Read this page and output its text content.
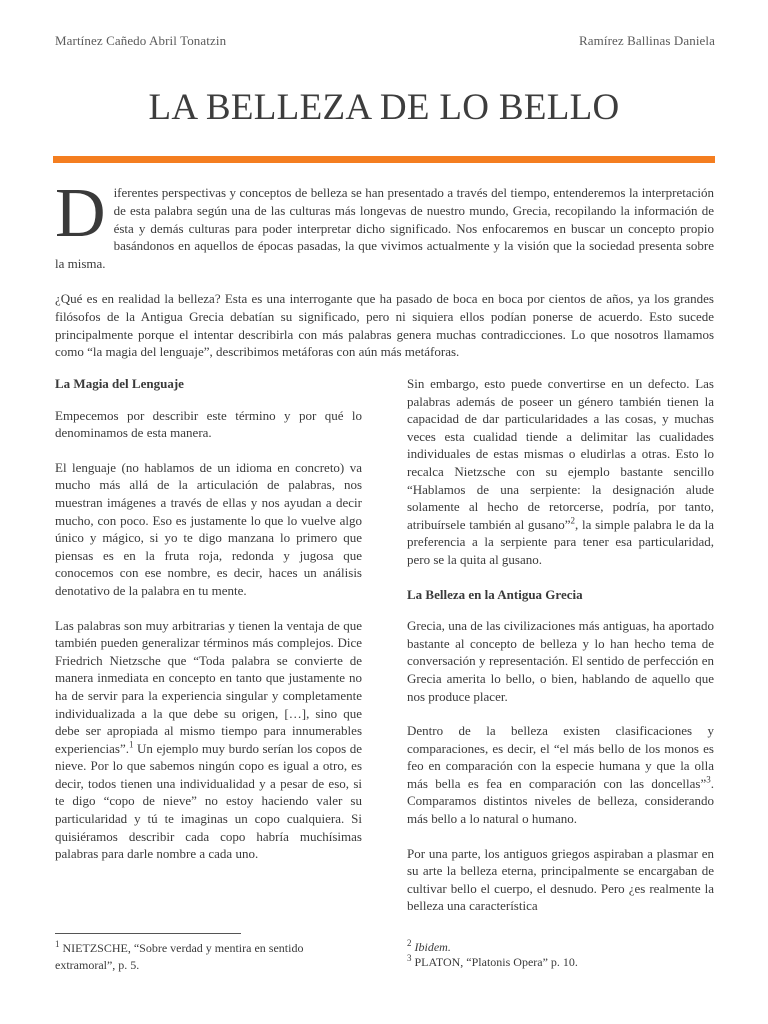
Martínez Cañedo Abril Tonatzin	Ramírez Ballinas Daniela
LA BELLEZA DE LO BELLO

D iferentes perspectivas y conceptos de belleza se han presentado a través del tiempo, entenderemos la interpretación de esta palabra según una de las culturas más longevas de nuestro mundo, Grecia, recopilando la información de ésta y demás culturas para poder interpretar dicho significado. Nos enfocaremos en buscar un concepto propio basándonos en aquellos de épocas pasadas, la que vivimos actualmente y la visión que la sociedad presenta sobre la misma.

¿Qué es en realidad la belleza? Esta es una interrogante que ha pasado de boca en boca por cientos de años, ya los grandes filósofos de la Antigua Grecia debatían su significado, pero ni siquiera ellos podían ponerse de acuerdo. Esto sucede principalmente porque el intentar describirla con más palabras genera muchas contradicciones. Lo que nosotros llamamos como “la magia del lenguaje”, describimos metáforas con aún más metáforas.

La Magia del Lenguaje

Empecemos por describir este término y por qué lo denominamos de esta manera.

El lenguaje (no hablamos de un idioma en concreto) va mucho más allá de la articulación de palabras, nos muestran imágenes a través de ellas y nos ayudan a decir mucho, con poco. Eso es justamente lo que lo vuelve algo único y mágico, si yo te digo manzana lo primero que piensas es en la fruta roja, redonda y jugosa que conocemos con ese nombre, es decir, haces un análisis denotativo de la palabra en tu mente.

Las palabras son muy arbitrarias y tienen la ventaja de que también pueden generalizar términos más complejos. Dice Friedrich Nietzsche que “Toda palabra se convierte de manera inmediata en concepto en tanto que justamente no ha de servir para la experiencia singular y completamente individualizada a la que debe su origen, […], sino que debe ser apropiada al mismo tiempo para innumerables experiencias”.$^1$ Un ejemplo muy burdo serían los copos de nieve. Por lo que sabemos ningún copo es igual a otro, es decir, todos tienen una individualidad y a pesar de eso, si te digo “copo de nieve” no estoy haciendo valer su particularidad y tú te imaginas un copo cualquiera. Si quisiéramos describir cada copo habría muchísimas palabras para darle nombre a cada uno.

Sin embargo, esto puede convertirse en un defecto. Las palabras además de poseer un género también tienen la capacidad de dar particularidades a las cosas, y muchas veces esta cualidad tiende a delimitar las cualidades individuales de estas mismas o eludirlas a otras. Esto lo recalca Nietzsche con su ejemplo bastante sencillo “Hablamos de una serpiente: la designación alude solamente al hecho de retorcerse, podría, por tanto, atribuírsele también al gusano”$^2$, la simple palabra le da la preferencia a la serpiente para tener esa particularidad, pero se la quita al gusano.

La Belleza en la Antigua Grecia

Grecia, una de las civilizaciones más antiguas, ha aportado bastante al concepto de belleza y lo han hecho tema de conversación y representación. El sentido de perfección en Grecia amerita lo bello, o bien, hablando de aquello que nos produce placer.

Dentro de la belleza existen clasificaciones y comparaciones, es decir, el “el más bello de los monos es feo en comparación con la especie humana y que la olla más bella es fea en comparación con las doncellas”$^3$. Comparamos distintos niveles de belleza, considerando más bello a lo natural o humano.

Por una parte, los antiguos griegos aspiraban a plasmar en su arte la belleza eterna, principalmente se encargaban de cultivar bello el cuerpo, el desnudo. Pero ¿es realmente la belleza una característica

$^1$ NIETZSCHE, “Sobre verdad y mentira en sentido extramoral”, p. 5.

$^2$ Ibidem.

$^3$ PLATON, “Platonis Opera” p. 10.
